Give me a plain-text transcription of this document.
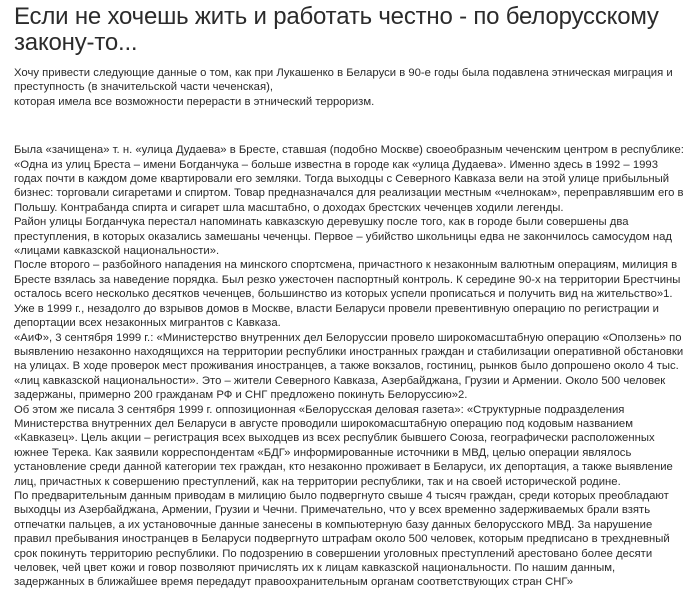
Если не хочешь жить и работать честно - по белорусскому закону-то...

Хочу привести следующие данные о том, как при Лукашенко в Беларуси в 90-е годы была подавлена этническая миграция и преступность (в значительской части чеченская),

которая имела все возможности перерасти в этнический терроризм.

Была «зачищена» т. н. «улица Дудаева» в Бресте, ставшая (подобно Москве) своеобразным чеченским центром в республике:

«Одна из улиц Бреста – имени Богданчука – больше известна в городе как «улица Дудаева». Именно здесь в 1992 – 1993 годах почти в каждом доме квартировали его земляки. Тогда выходцы с Северного Кавказа вели на этой улице прибыльный бизнес: торговали сигаретами и спиртом. Товар предназначался для реализации местным «челнокам», переправлявшим его в Польшу. Контрабанда спирта и сигарет шла масштабно, о доходах брестских чеченцев ходили легенды.

Район улицы Богданчука перестал напоминать кавказскую деревушку после того, как в городе были совершены два преступления, в которых оказались замешаны чеченцы. Первое – убийство школьницы едва не закончилось самосудом над «лицами кавказской национальности».

После второго – разбойного нападения на минского спортсмена, причастного к незаконным валютным операциям, милиция в Бресте взялась за наведение порядка. Был резко ужесточен паспортный контроль. К середине 90-х на территории Брестчины осталось всего несколько десятков чеченцев, большинство из которых успели прописаться и получить вид на жительство»1.

Уже в 1999 г., незадолго до взрывов домов в Москве, власти Беларуси провели превентивную операцию по регистрации и депортации всех незаконных мигрантов с Кавказа.

«АиФ», 3 сентября 1999 г.: «Министерство внутренних дел Белоруссии провело широкомасштабную операцию «Оползень» по выявлению незаконно находящихся на территории республики иностранных граждан и стабилизации оперативной обстановки на улицах. В ходе проверок мест проживания иностранцев, а также вокзалов, гостиниц, рынков было допрошено около 4 тыс. «лиц кавказской национальности». Это – жители Северного Кавказа, Азербайджана, Грузии и Армении. Около 500 человек задержаны, примерно 200 гражданам РФ и СНГ предложено покинуть Белоруссию»2.

Об этом же писала 3 сентября 1999 г. оппозиционная «Белорусская деловая газета»: «Структурные подразделения Министерства внутренних дел Беларуси в августе проводили широкомасштабную операцию под кодовым названием «Кавказец». Цель акции – регистрация всех выходцев из всех республик бывшего Союза, географически расположенных южнее Терека. Как заявили корреспондентам «БДГ» информированные источники в МВД, целью операции являлось установление среди данной категории тех граждан, кто незаконно проживает в Беларуси, их депортация, а также выявление лиц, причастных к совершению преступлений, как на территории республики, так и на своей исторической родине.

По предварительным данным приводам в милицию было подвергнуто свыше 4 тысяч граждан, среди которых преобладают выходцы из Азербайджана, Армении, Грузии и Чечни. Примечательно, что у всех временно задерживаемых брали взять отпечатки пальцев, а их установочные данные занесены в компьютерную базу данных белорусского МВД. За нарушение правил пребывания иностранцев в Беларуси подвергнуто штрафам около 500 человек, которым предписано в трехдневный срок покинуть территорию республики. По подозрению в совершении уголовных преступлений арестовано более десяти человек, чей цвет кожи и говор позволяют причислять их к лицам кавказской национальности. По нашим данным, задержанных в ближайшее время передадут правоохранительным органам соответствующих стран СНГ»
